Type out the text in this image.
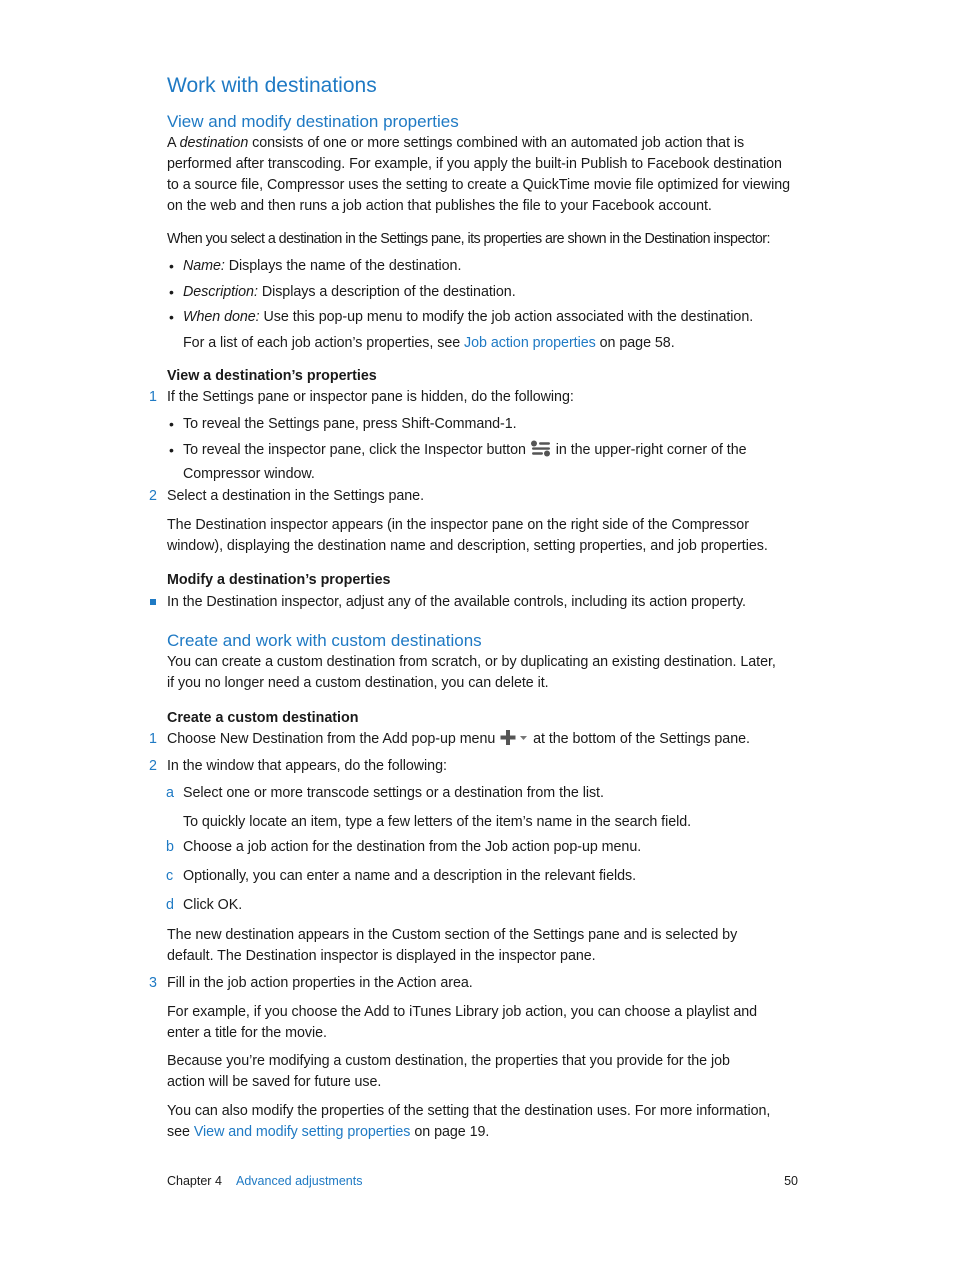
Work with destinations
View and modify destination properties
A destination consists of one or more settings combined with an automated job action that is
performed after transcoding. For example, if you apply the built-in Publish to Facebook destination
to a source file, Compressor uses the setting to create a QuickTime movie file optimized for viewing
on the web and then runs a job action that publishes the file to your Facebook account.
When you select a destination in the Settings pane, its properties are shown in the Destination inspector:
• Name: Displays the name of the destination.
• Description: Displays a description of the destination.
• When done: Use this pop-up menu to modify the job action associated with the destination.
For a list of each job action’s properties, see Job action properties on page 58.
View a destination’s properties
1 If the Settings pane or inspector pane is hidden, do the following:
• To reveal the Settings pane, press Shift-Command-1.
• To reveal the inspector pane, click the Inspector button  in the upper-right corner of the
Compressor window.
2 Select a destination in the Settings pane.
The Destination inspector appears (in the inspector pane on the right side of the Compressor
window), displaying the destination name and description, setting properties, and job properties.
Modify a destination’s properties
In the Destination inspector, adjust any of the available controls, including its action property.
Create and work with custom destinations
You can create a custom destination from scratch, or by duplicating an existing destination. Later,
if you no longer need a custom destination, you can delete it.
Create a custom destination
1 Choose New Destination from the Add pop-up menu  at the bottom of the Settings pane.
2 In the window that appears, do the following:
a Select one or more transcode settings or a destination from the list.
To quickly locate an item, type a few letters of the item’s name in the search field.
b Choose a job action for the destination from the Job action pop-up menu.
c Optionally, you can enter a name and a description in the relevant fields.
d Click OK.
The new destination appears in the Custom section of the Settings pane and is selected by
default. The Destination inspector is displayed in the inspector pane.
3 Fill in the job action properties in the Action area.
For example, if you choose the Add to iTunes Library job action, you can choose a playlist and
enter a title for the movie.
Because you’re modifying a custom destination, the properties that you provide for the job
action will be saved for future use.
You can also modify the properties of the setting that the destination uses. For more information,
see View and modify setting properties on page 19.
Chapter 4 Advanced adjustments	50
